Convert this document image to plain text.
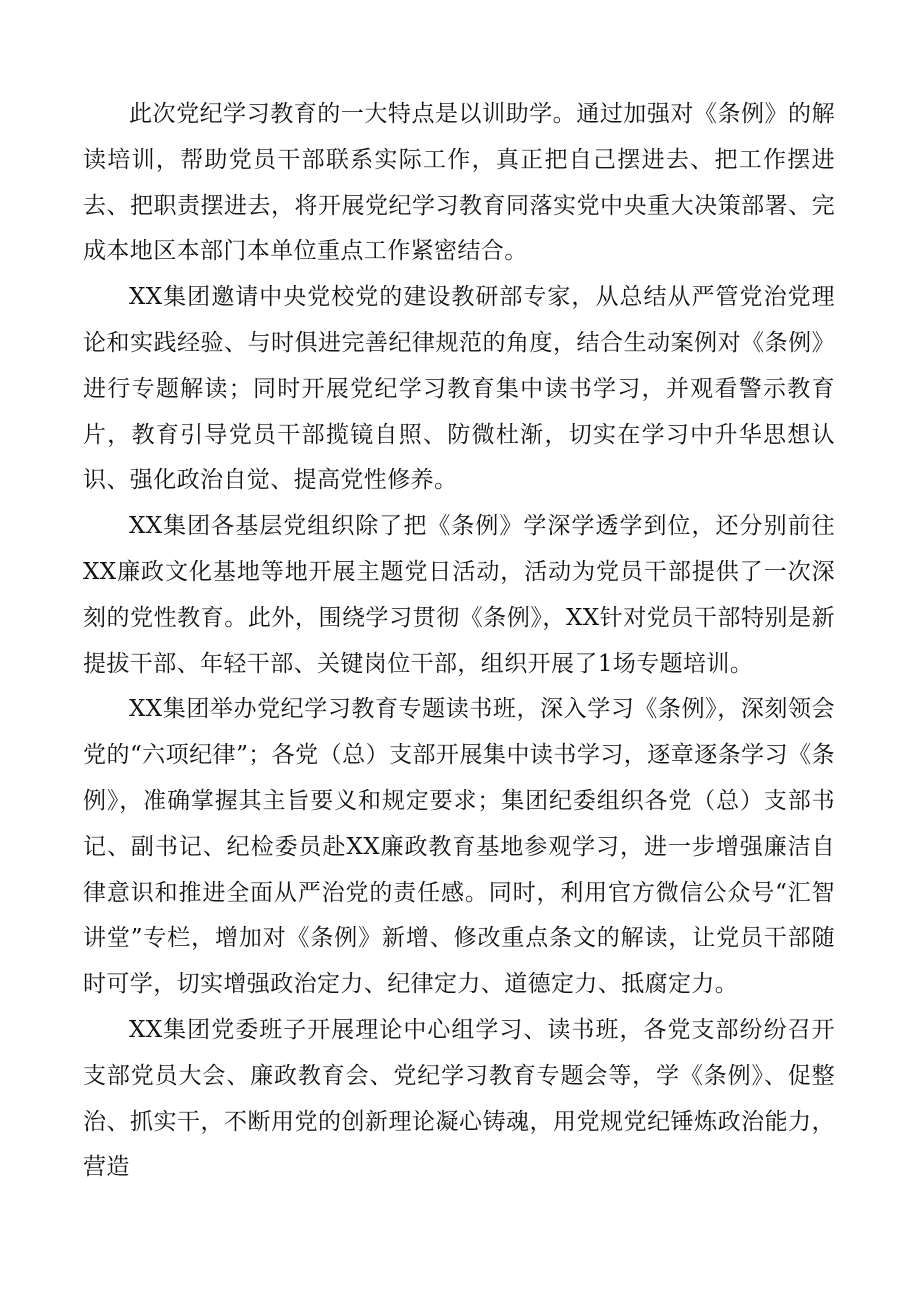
此次党纪学习教育的一大特点是以训助学。通过加强对《条例》的解读培训，帮助党员干部联系实际工作，真正把自己摆进去、把工作摆进去、把职责摆进去，将开展党纪学习教育同落实党中央重大决策部署、完成本地区本部门本单位重点工作紧密结合。

XX集团邀请中央党校党的建设教研部专家，从总结从严管党治党理论和实践经验、与时俱进完善纪律规范的角度，结合生动案例对《条例》进行专题解读；同时开展党纪学习教育集中读书学习，并观看警示教育片，教育引导党员干部揽镜自照、防微杜渐，切实在学习中升华思想认识、强化政治自觉、提高党性修养。

XX集团各基层党组织除了把《条例》学深学透学到位，还分别前往XX廉政文化基地等地开展主题党日活动，活动为党员干部提供了一次深刻的党性教育。此外，围绕学习贯彻《条例》，XX针对党员干部特别是新提拔干部、年轻干部、关键岗位干部，组织开展了1场专题培训。

XX集团举办党纪学习教育专题读书班，深入学习《条例》，深刻领会党的“六项纪律”；各党（总）支部开展集中读书学习，逐章逐条学习《条例》，准确掌握其主旨要义和规定要求；集团纪委组织各党（总）支部书记、副书记、纪检委员赴XX廉政教育基地参观学习，进一步增强廉洁自律意识和推进全面从严治党的责任感。同时，利用官方微信公众号“汇智讲堂”专栏，增加对《条例》新增、修改重点条文的解读，让党员干部随时可学，切实增强政治定力、纪律定力、道德定力、抵腐定力。

XX集团党委班子开展理论中心组学习、读书班，各党支部纷纷召开支部党员大会、廉政教育会、党纪学习教育专题会等，学《条例》、促整治、抓实干，不断用党的创新理论凝心铸魂，用党规党纪锤炼政治能力，营造
